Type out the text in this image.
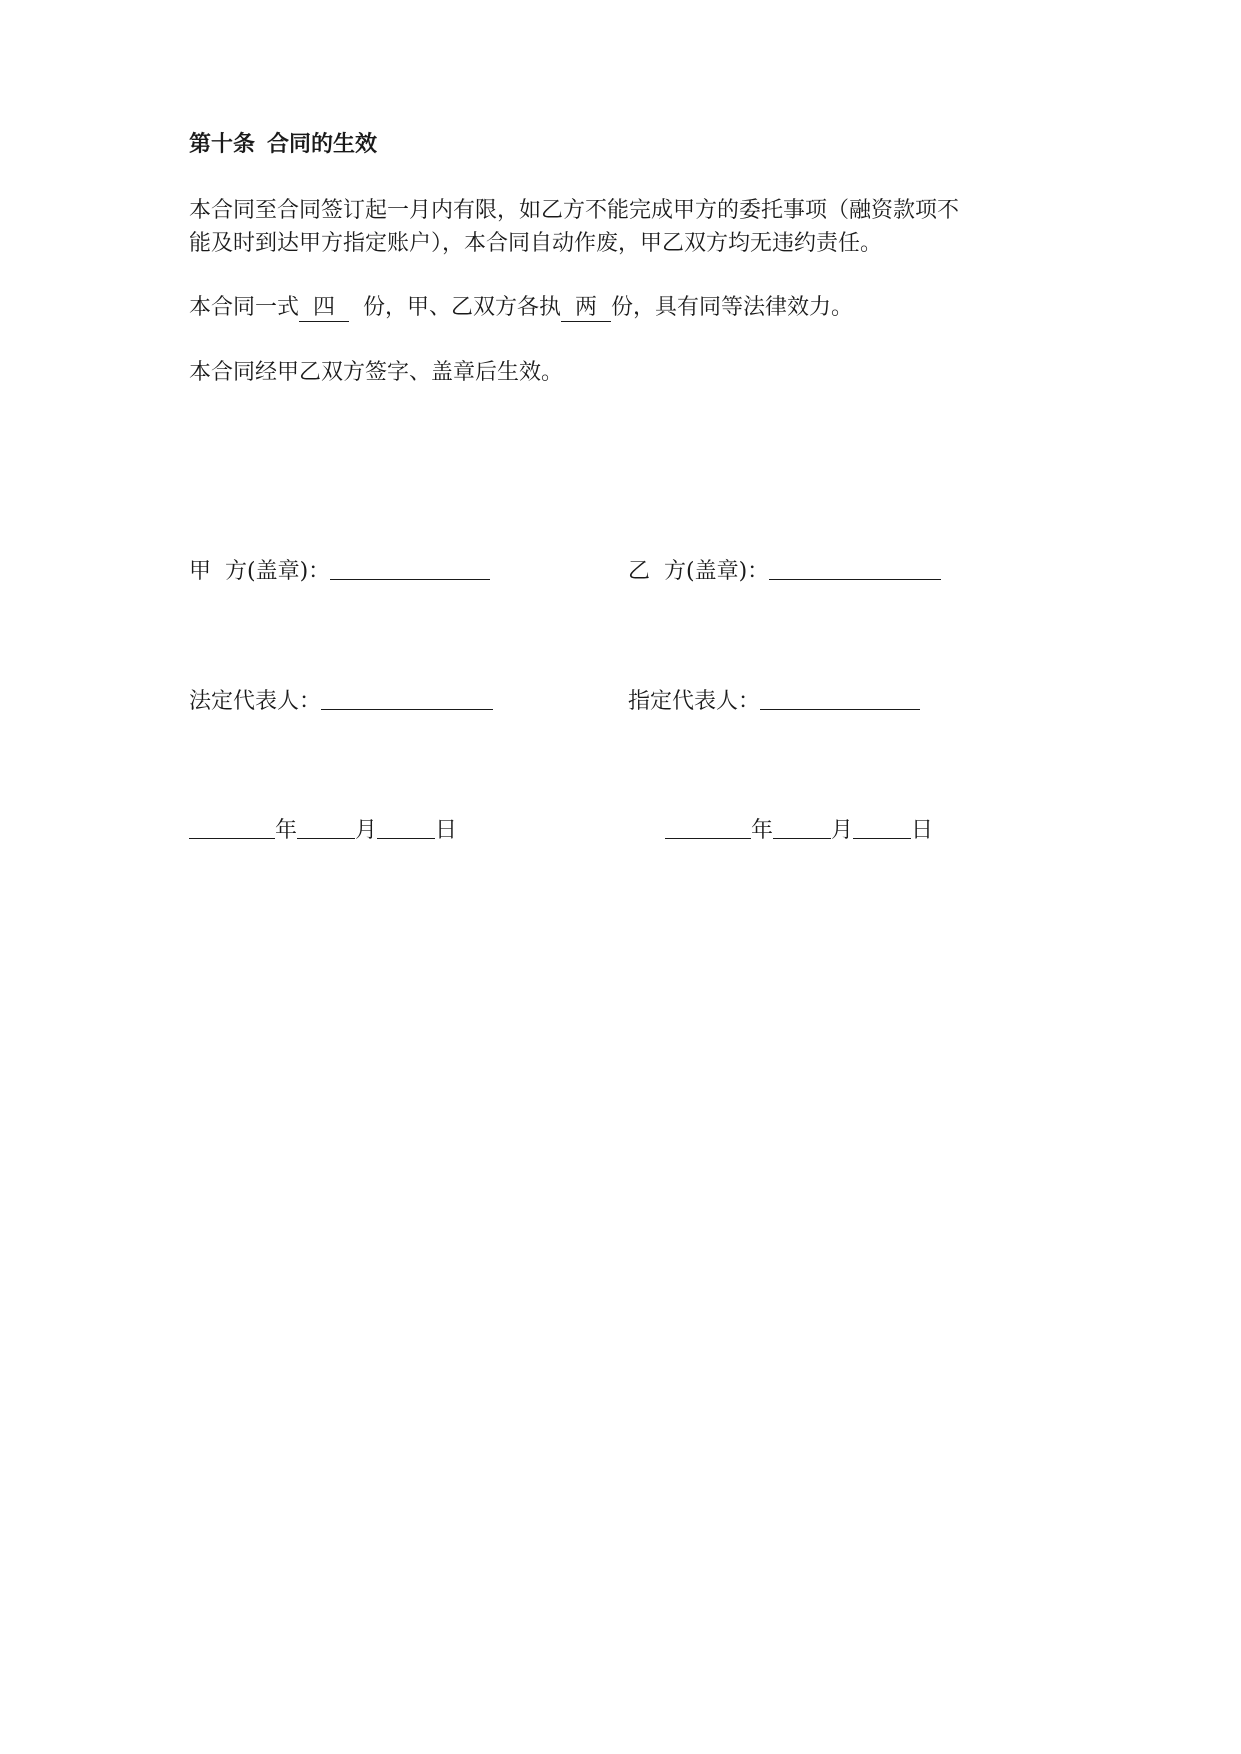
第十条 合同的生效
本合同至合同签订起一月内有限，如乙方不能完成甲方的委托事项（融资款项不
能及时到达甲方指定账户），本合同自动作废，甲乙双方均无违约责任。
本合同一式 四 份，甲、乙双方各执 两 份，具有同等法律效力。
本合同经甲乙双方签字、盖章后生效。
甲  方(盖章)：	乙  方(盖章)：
法定代表人：	指定代表人：
年	月	日	年	月	日
